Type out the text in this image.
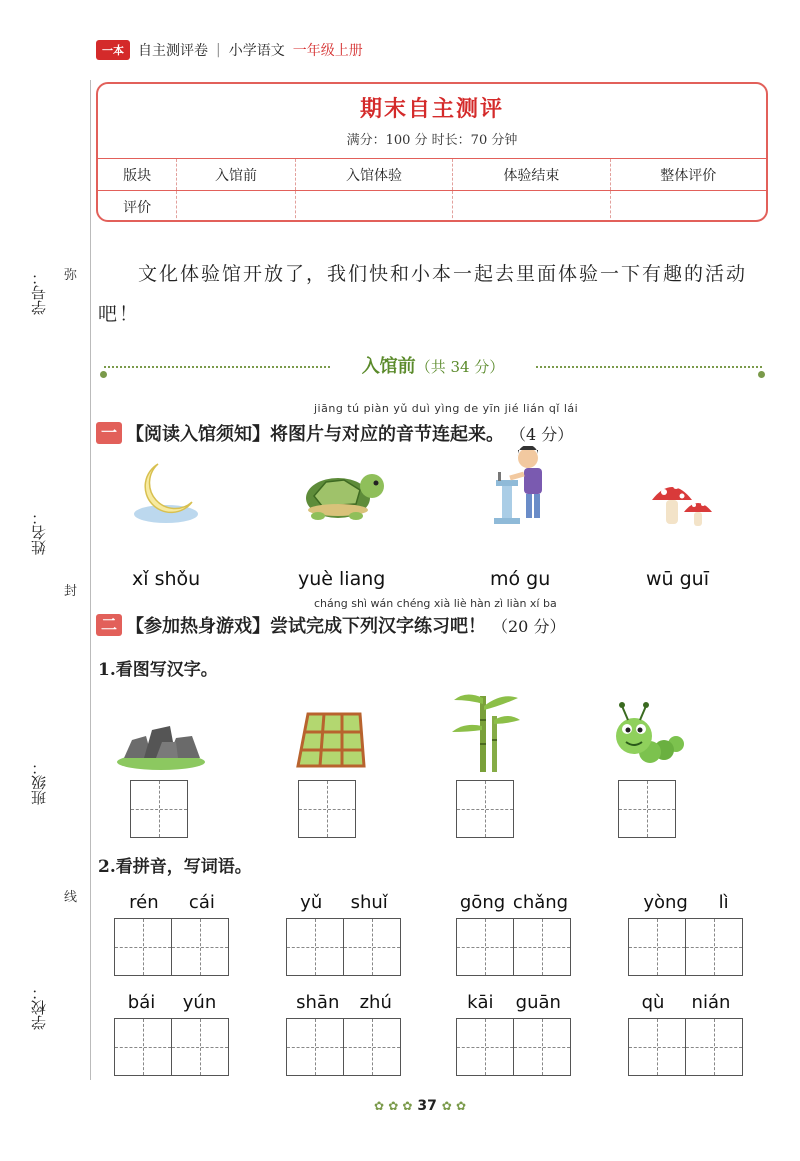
一本	自主测评卷 | 小学语文 一年级上册
学号：
姓名：
班级：
学校：
弥
封
线
期末自主测评
满分：100 分 时长：70 分钟
版块	入馆前	入馆体验	体验结束	整体评价
评价				

文化体验馆开放了，我们快和小本一起去里面体验一下有趣的活动吧！

入馆前（共 34 分）
jiāng tú piàn yǔ duì yìng de yīn jié lián qǐ lái
一 【阅读入馆须知】将图片与对应的音节连起来。 （4 分）
xǐ shǒu	yuè liang	mó gu	wū guī
cháng shì wán chéng xià liè hàn zì liàn xí ba
二 【参加热身游戏】尝试完成下列汉字练习吧！ （20 分）
1.看图写汉字。
2.看拼音，写词语。
rén cái	yǔ shuǐ	gōng chǎng	yòng lì
bái yún	shān zhú	kāi guān	qù nián
✿ ✿ ✿ 37 ✿ ✿
